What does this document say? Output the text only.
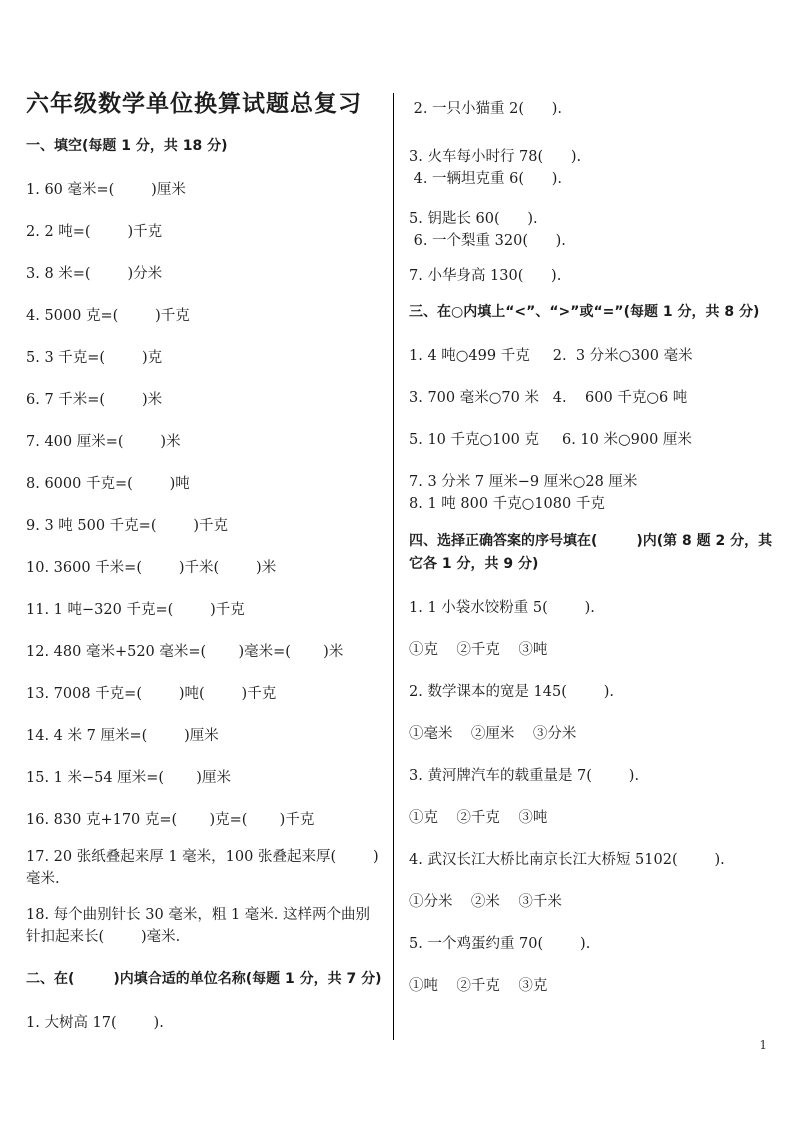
六年级数学单位换算试题总复习
一、填空(每题 1 分，共 18 分)
1. 60 毫米=(        )厘米
2. 2 吨=(        )千克
3. 8 米=(        )分米
4. 5000 克=(        )千克
5. 3 千克=(        )克
6. 7 千米=(        )米
7. 400 厘米=(        )米
8. 6000 千克=(        )吨
9. 3 吨 500 千克=(        )千克
10. 3600 千米=(        )千米(        )米
11. 1 吨−320 千克=(        )千克
12. 480 毫米+520 毫米=(       )毫米=(       )米
13. 7008 千克=(        )吨(        )千克
14. 4 米 7 厘米=(        )厘米
15. 1 米−54 厘米=(       )厘米
16. 830 克+170 克=(       )克=(       )千克
17. 20 张纸叠起来厚 1 毫米，100 张叠起来厚(        )毫米.
18. 每个曲别针长 30 毫米，粗 1 毫米. 这样两个曲别针扣起来长(        )毫米.
二、在(        )内填合适的单位名称(每题 1 分，共 7 分)
1. 大树高 17(        ).
2. 一只小猫重 2(      ).
3. 火车每小时行 78(      ).
4. 一辆坦克重 6(      ).
5. 钥匙长 60(      ).
6. 一个梨重 320(      ).
7. 小华身高 130(      ).
三、在○内填上“<”、“>”或“=”(每题 1 分，共 8 分)
1. 4 吨○499 千克     2.  3 分米○300 毫米
3. 700 毫米○70 米   4.    600 千克○6 吨
5. 10 千克○100 克     6. 10 米○900 厘米
7. 3 分米 7 厘米−9 厘米○28 厘米
8. 1 吨 800 千克○1080 千克
四、选择正确答案的序号填在(        )内(第 8 题 2 分，其它各 1 分，共 9 分)
1. 1 小袋水饺粉重 5(        ).
①克    ②千克    ③吨
2. 数学课本的宽是 145(        ).
①毫米    ②厘米    ③分米
3. 黄河牌汽车的载重量是 7(        ).
①克    ②千克    ③吨
4. 武汉长江大桥比南京长江大桥短 5102(        ).
①分米    ②米    ③千米
5. 一个鸡蛋约重 70(        ).
①吨    ②千克    ③克
1
